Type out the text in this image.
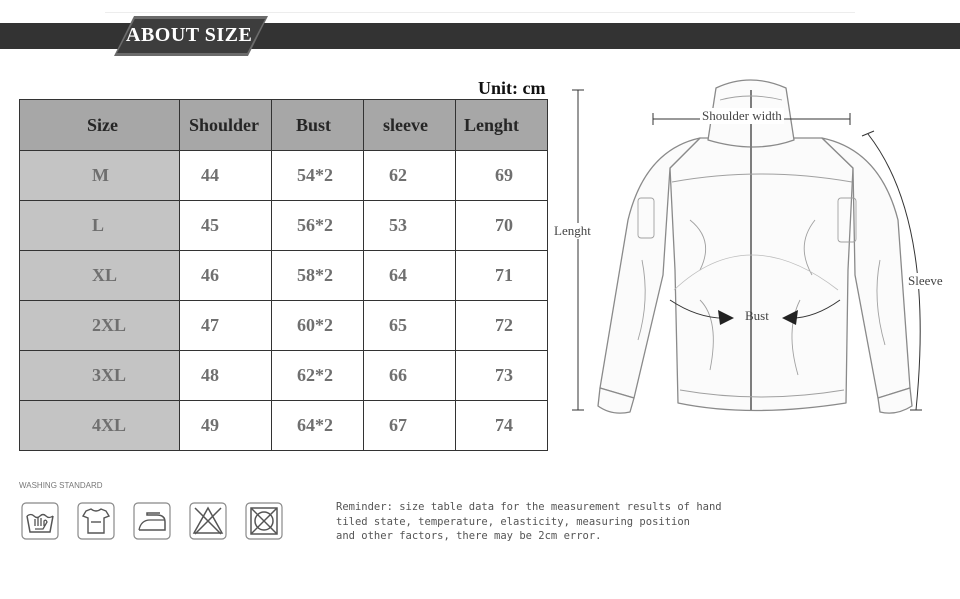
ABOUT SIZE
Unit: cm
Size	Shoulder	Bust	sleeve	Lenght
M	44	54*2	62	69
L	45	56*2	53	70
XL	46	58*2	64	71
2XL	47	60*2	65	72
3XL	48	62*2	66	73
4XL	49	64*2	67	74
Shoulder width
Lenght
Bust
Sleeve
WASHING STANDARD
Reminder: size table data for the measurement results of hand
tiled state, temperature, elasticity, measuring position
and other factors, there may be 2cm error.
